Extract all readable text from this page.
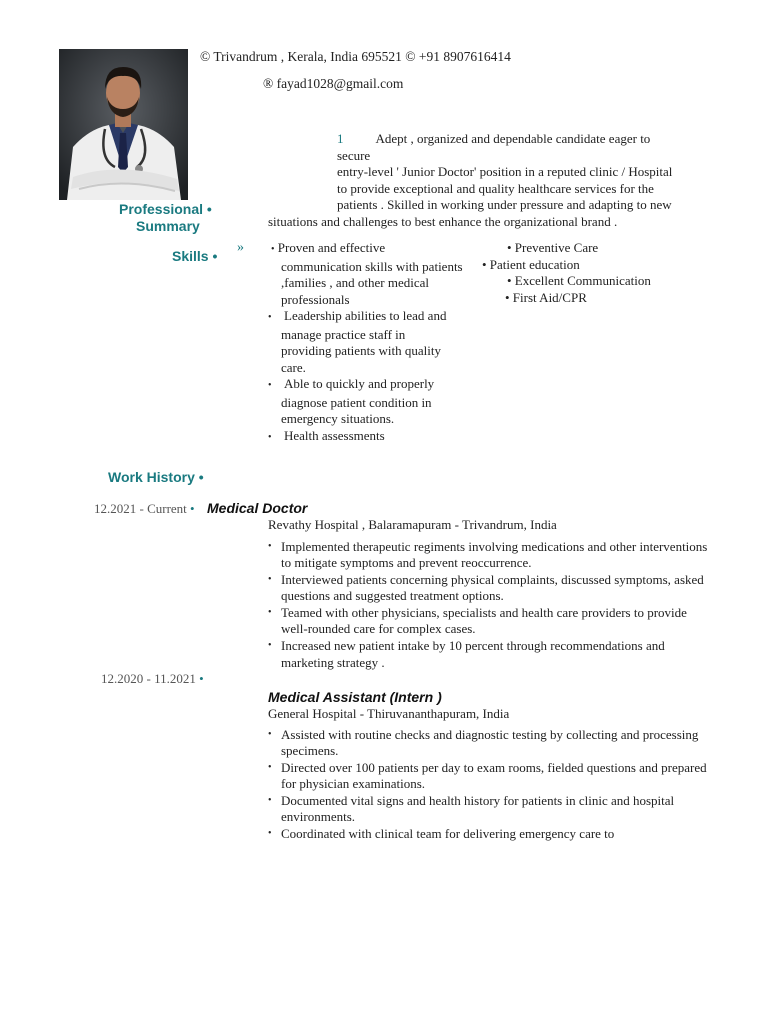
© Trivandrum , Kerala, India 695521 © +91 8907616414
® fayad1028@gmail.com
Professional •
Summary
1 Adept , organized and dependable candidate eager to
secure
entry-level ' Junior Doctor' position in a reputed clinic / Hospital
to provide exceptional and quality healthcare services for the
patients . Skilled in working under pressure and adapting to new
situations and challenges to best enhance the organizational brand .
Skills •
»	• Proven and effective
communication skills with patients
,families , and other medical
professionals
• Leadership abilities to lead and
manage practice staff in
providing patients with quality
care.
• Able to quickly and properly
diagnose patient condition in
emergency situations.
• Health assessments
• Preventive Care
• Patient education
• Excellent Communication
• First Aid/CPR
Work History •
12.2021 - Current • Medical Doctor
Revathy Hospital , Balaramapuram - Trivandrum, India
• Implemented therapeutic regiments involving medications and other interventions to mitigate symptoms and prevent reoccurrence.
• Interviewed patients concerning physical complaints, discussed symptoms, asked questions and suggested treatment options.
• Teamed with other physicians, specialists and health care providers to provide well-rounded care for complex cases.
• Increased new patient intake by 10 percent through recommendations and marketing strategy .
12.2020 - 11.2021 •
Medical Assistant (Intern )
General Hospital - Thiruvananthapuram, India
• Assisted with routine checks and diagnostic testing by collecting and processing specimens.
• Directed over 100 patients per day to exam rooms, fielded questions and prepared for physician examinations.
• Documented vital signs and health history for patients in clinic and hospital environments.
• Coordinated with clinical team for delivering emergency care to
